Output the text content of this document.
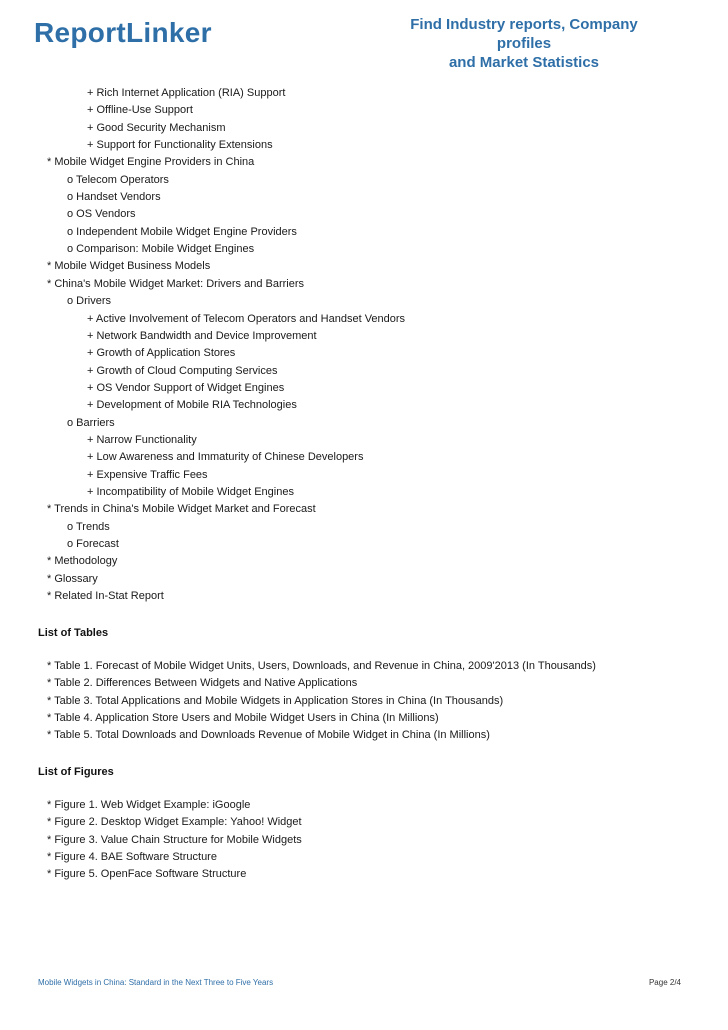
ReportLinker	Find Industry reports, Company profiles
and Market Statistics
+ Rich Internet Application (RIA) Support
+ Offline-Use Support
+ Good Security Mechanism
+ Support for Functionality Extensions
* Mobile Widget Engine Providers in China
o Telecom Operators
o Handset Vendors
o OS Vendors
o Independent Mobile Widget Engine Providers
o Comparison: Mobile Widget Engines
* Mobile Widget Business Models
* China's Mobile Widget Market: Drivers and Barriers
o Drivers
+ Active Involvement of Telecom Operators and Handset Vendors
+ Network Bandwidth and Device Improvement
+ Growth of Application Stores
+ Growth of Cloud Computing Services
+ OS Vendor Support of Widget Engines
+ Development of Mobile RIA Technologies
o Barriers
+ Narrow Functionality
+ Low Awareness and Immaturity of Chinese Developers
+ Expensive Traffic Fees
+ Incompatibility of Mobile Widget Engines
* Trends in China's Mobile Widget Market and Forecast
o Trends
o Forecast
* Methodology
* Glossary
* Related In-Stat Report
List of Tables
* Table 1. Forecast of Mobile Widget Units, Users, Downloads, and Revenue in China, 2009'2013 (In Thousands)
* Table 2. Differences Between Widgets and Native Applications
* Table 3. Total Applications and Mobile Widgets in Application Stores in China (In Thousands)
* Table 4. Application Store Users and Mobile Widget Users in China (In Millions)
* Table 5. Total Downloads and Downloads Revenue of Mobile Widget in China (In Millions)
List of Figures
* Figure 1. Web Widget Example: iGoogle
* Figure 2. Desktop Widget Example: Yahoo! Widget
* Figure 3. Value Chain Structure for Mobile Widgets
* Figure 4. BAE Software Structure
* Figure 5. OpenFace Software Structure
Mobile Widgets in China: Standard in the Next Three to Five Years	Page 2/4
